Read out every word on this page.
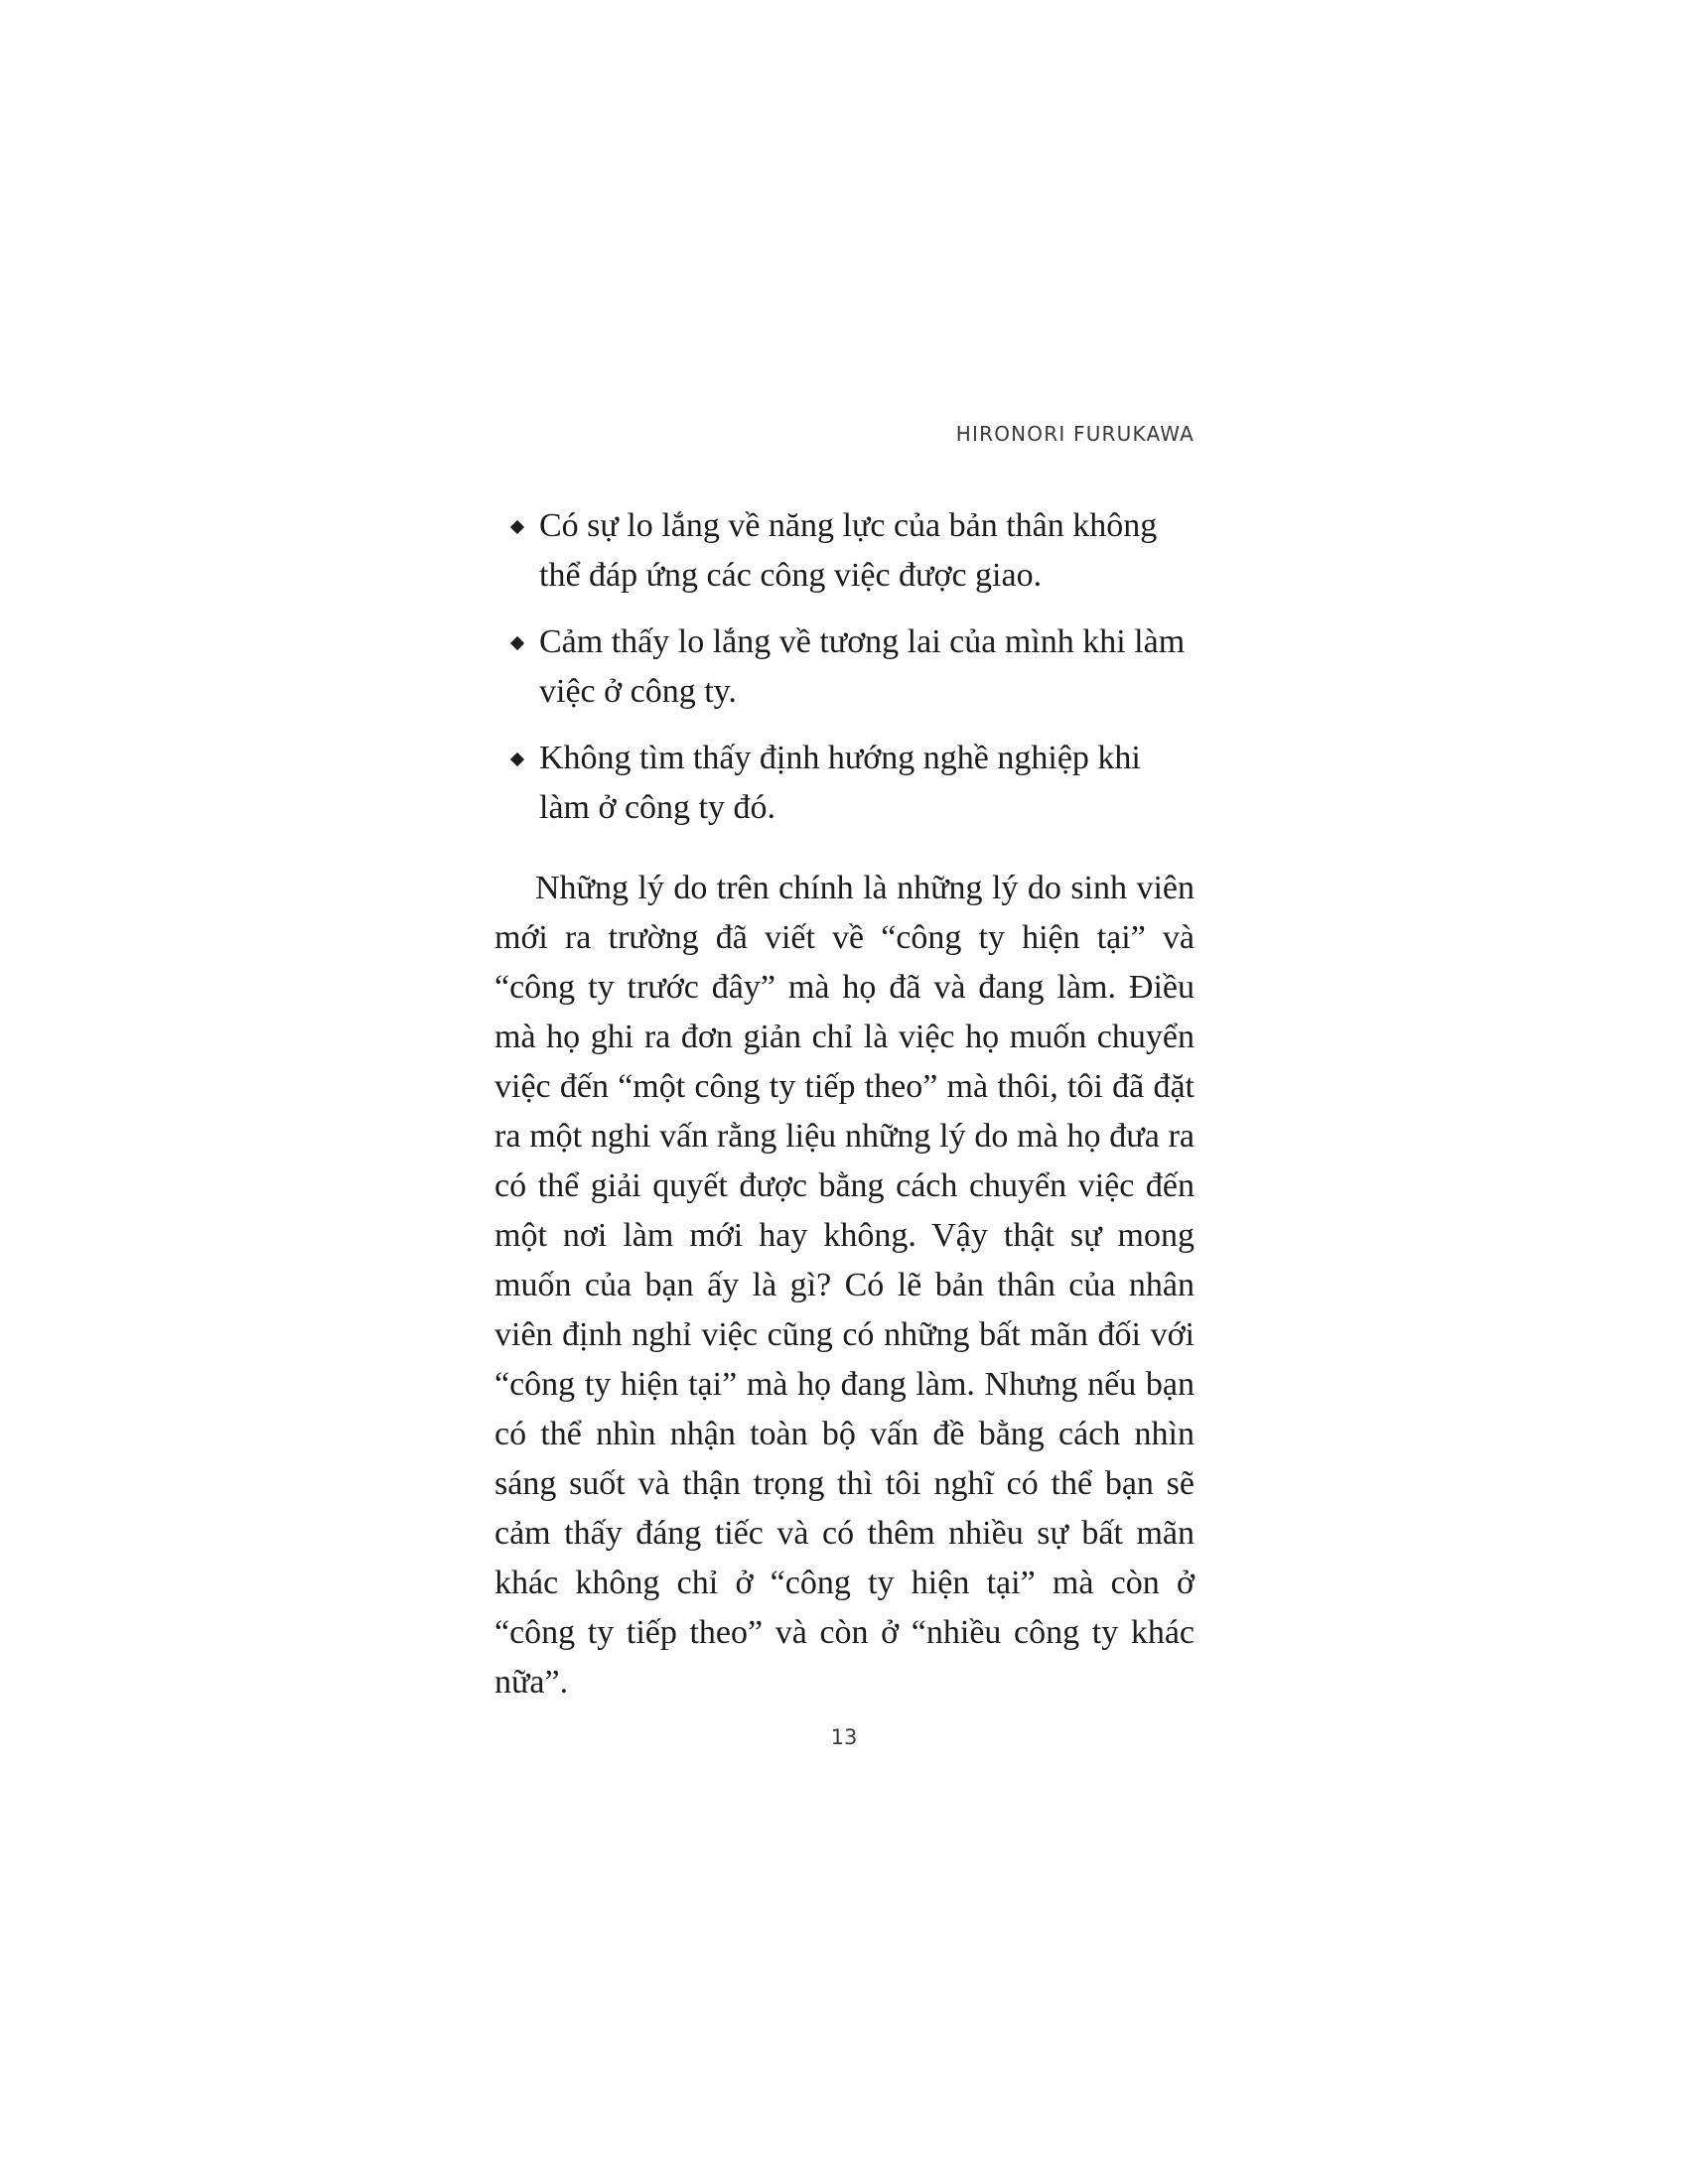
HIRONORI FURUKAWA
Có sự lo lắng về năng lực của bản thân không thể đáp ứng các công việc được giao.
Cảm thấy lo lắng về tương lai của mình khi làm việc ở công ty.
Không tìm thấy định hướng nghề nghiệp khi làm ở công ty đó.

Những lý do trên chính là những lý do sinh viên mới ra trường đã viết về “công ty hiện tại” và “công ty trước đây” mà họ đã và đang làm. Điều mà họ ghi ra đơn giản chỉ là việc họ muốn chuyển việc đến “một công ty tiếp theo” mà thôi, tôi đã đặt ra một nghi vấn rằng liệu những lý do mà họ đưa ra có thể giải quyết được bằng cách chuyển việc đến một nơi làm mới hay không. Vậy thật sự mong muốn của bạn ấy là gì? Có lẽ bản thân của nhân viên định nghỉ việc cũng có những bất mãn đối với “công ty hiện tại” mà họ đang làm. Nhưng nếu bạn có thể nhìn nhận toàn bộ vấn đề bằng cách nhìn sáng suốt và thận trọng thì tôi nghĩ có thể bạn sẽ cảm thấy đáng tiếc và có thêm nhiều sự bất mãn khác không chỉ ở “công ty hiện tại” mà còn ở “công ty tiếp theo” và còn ở “nhiều công ty khác nữa”.

13
